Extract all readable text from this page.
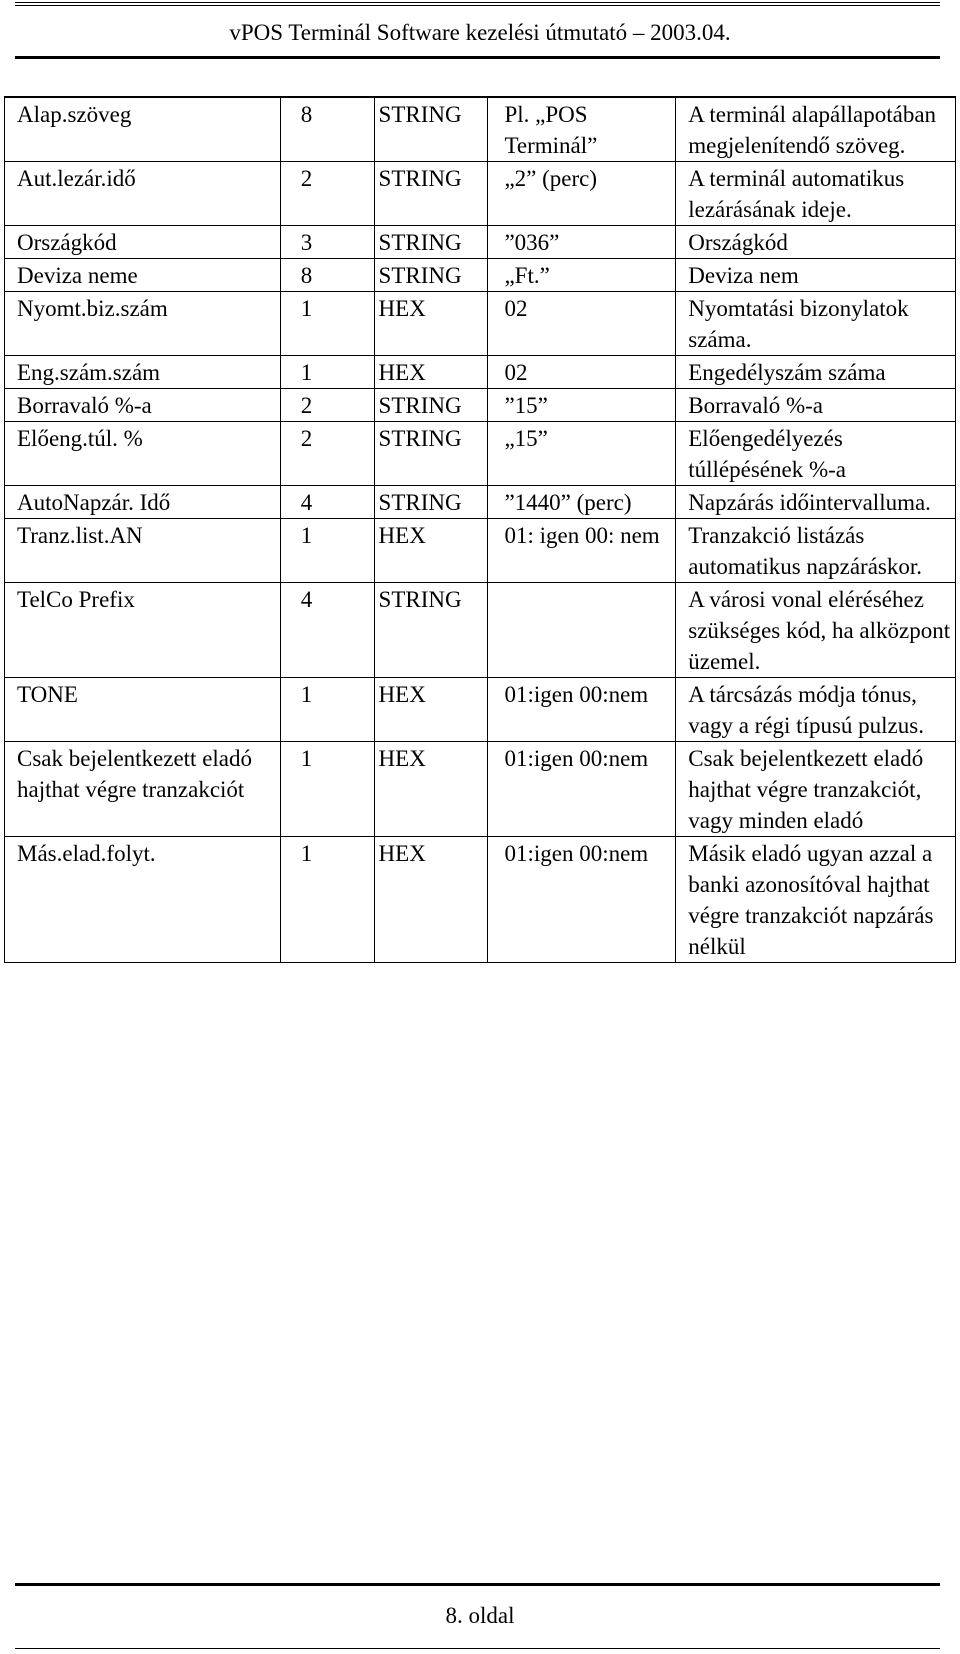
vPOS Terminál Software kezelési útmutató – 2003.04.
Alap.szöveg	8	STRING	Pl. „POS Terminál”	A terminál alapállapotában megjelenítendő szöveg.
Aut.lezár.idő	2	STRING	„2” (perc)	A terminál automatikus lezárásának ideje.
Országkód	3	STRING	”036”	Országkód
Deviza neme	8	STRING	„Ft.”	Deviza nem
Nyomt.biz.szám	1	HEX	02	Nyomtatási bizonylatok száma.
Eng.szám.szám	1	HEX	02	Engedélyszám száma
Borravaló %-a	2	STRING	”15”	Borravaló %-a
Előeng.túl. %	2	STRING	„15”	Előengedélyezés túllépésének %-a
AutoNapzár. Idő	4	STRING	”1440” (perc)	Napzárás időintervalluma.
Tranz.list.AN	1	HEX	01: igen 00: nem	Tranzakció listázás automatikus napzáráskor.
TelCo Prefix	4	STRING		A városi vonal eléréséhez szükséges kód, ha alközpont üzemel.
TONE	1	HEX	01:igen 00:nem	A tárcsázás módja tónus, vagy a régi típusú pulzus.
Csak bejelentkezett eladó hajthat végre tranzakciót	1	HEX	01:igen 00:nem	Csak bejelentkezett eladó hajthat végre tranzakciót, vagy minden eladó
Más.elad.folyt.	1	HEX	01:igen 00:nem	Másik eladó ugyan azzal a banki azonosítóval hajthat végre tranzakciót napzárás nélkül
8. oldal
